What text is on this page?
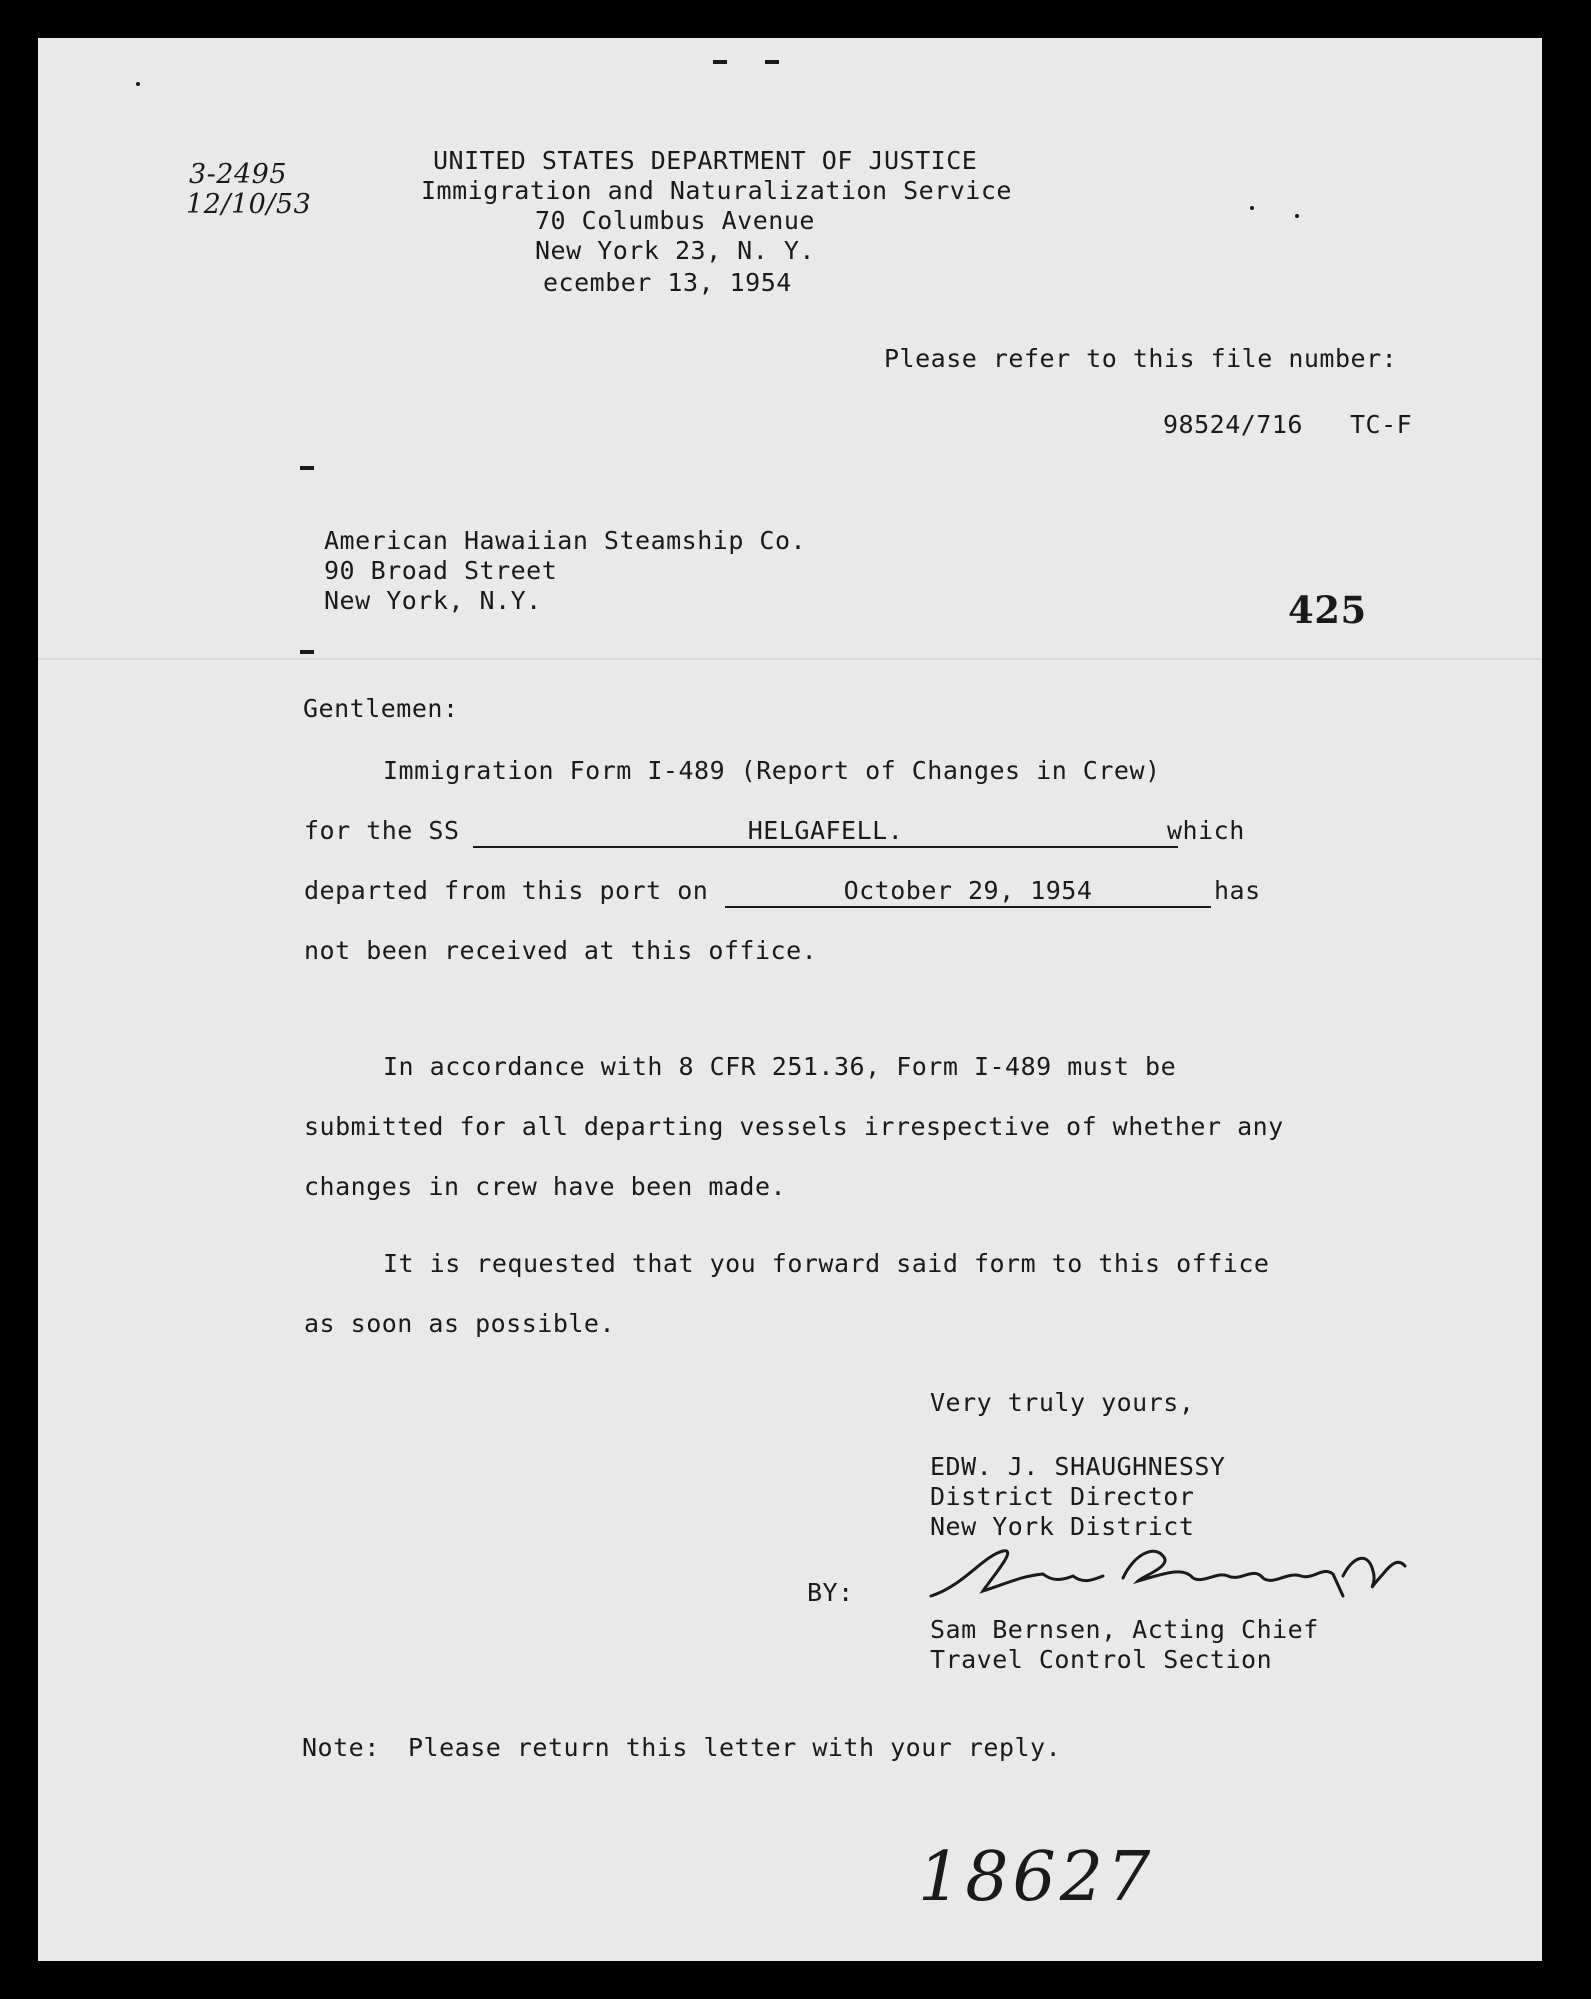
3-2495
12/10/53
UNITED STATES DEPARTMENT OF JUSTICE
Immigration and Naturalization Service
70 Columbus Avenue
New York 23, N. Y.
ecember 13, 1954
Please refer to this file number:
98524/716 TC-F
American Hawaiian Steamship Co.
90 Broad Street
New York, N.Y.	425
Gentlemen:
Immigration Form I-489 (Report of Changes in Crew)
for the SS	HELGAFELL.	which
departed from this port on	October 29, 1954	has
not been received at this office.
In accordance with 8 CFR 251.36, Form I-489 must be
submitted for all departing vessels irrespective of whether any
changes in crew have been made.
It is requested that you forward said form to this office
as soon as possible.
Very truly yours,
EDW. J. SHAUGHNESSY
District Director
New York District
BY:
Sam Bernsen, Acting Chief
Travel Control Section
Note: Please return this letter with your reply.
18627
